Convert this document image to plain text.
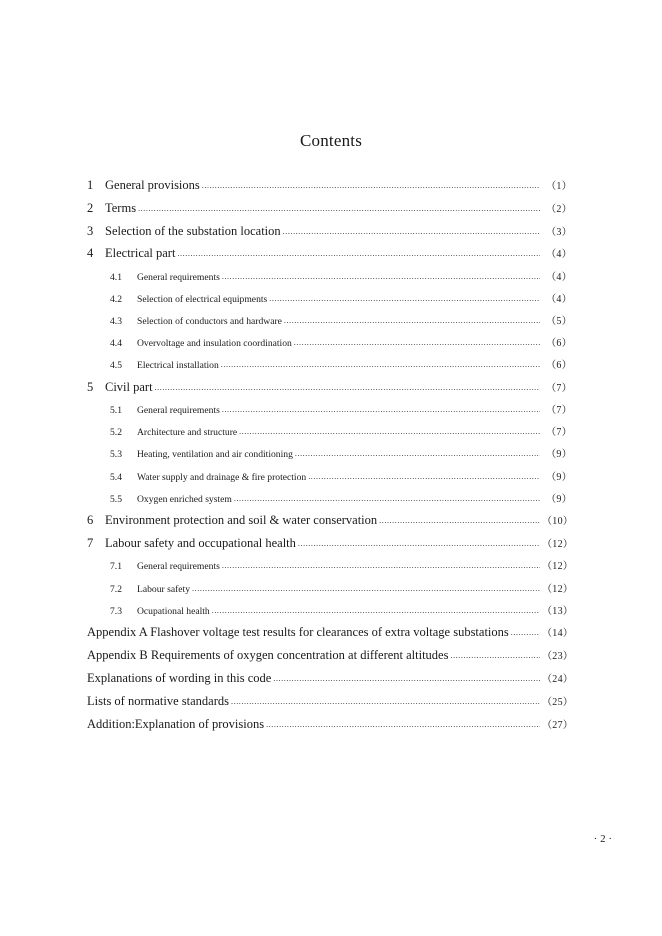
Contents
1 General provisions .....	（1）
2 Terms .....	（2）
3 Selection of the substation location .....	（3）
4 Electrical part .....	（4）
4.1	General requirements .....	（4）
4.2	Selection of electrical equipments .....	（4）
4.3	Selection of conductors and hardware .....	（5）
4.4	Overvoltage and insulation coordination .....	（6）
4.5	Electrical installation .....	（6）
5 Civil part .....	（7）
5.1	General requirements .....	（7）
5.2	Architecture and structure .....	（7）
5.3	Heating, ventilation and air conditioning .....	（9）
5.4	Water supply and drainage & fire protection .....	（9）
5.5	Oxygen enriched system .....	（9）
6 Environment protection and soil & water conservation .....	（10）
7 Labour safety and occupational health .....	（12）
7.1	General requirements .....	（12）
7.2	Labour safety .....	（12）
7.3	Ocupational health .....	（13）
Appendix A Flashover voltage test results for clearances of extra voltage substations .....	（14）
Appendix B Requirements of oxygen concentration at different altitudes .....	（23）
Explanations of wording in this code .....	（24）
Lists of normative standards .....	（25）
Addition:Explanation of provisions .....	（27）
· 2 ·
